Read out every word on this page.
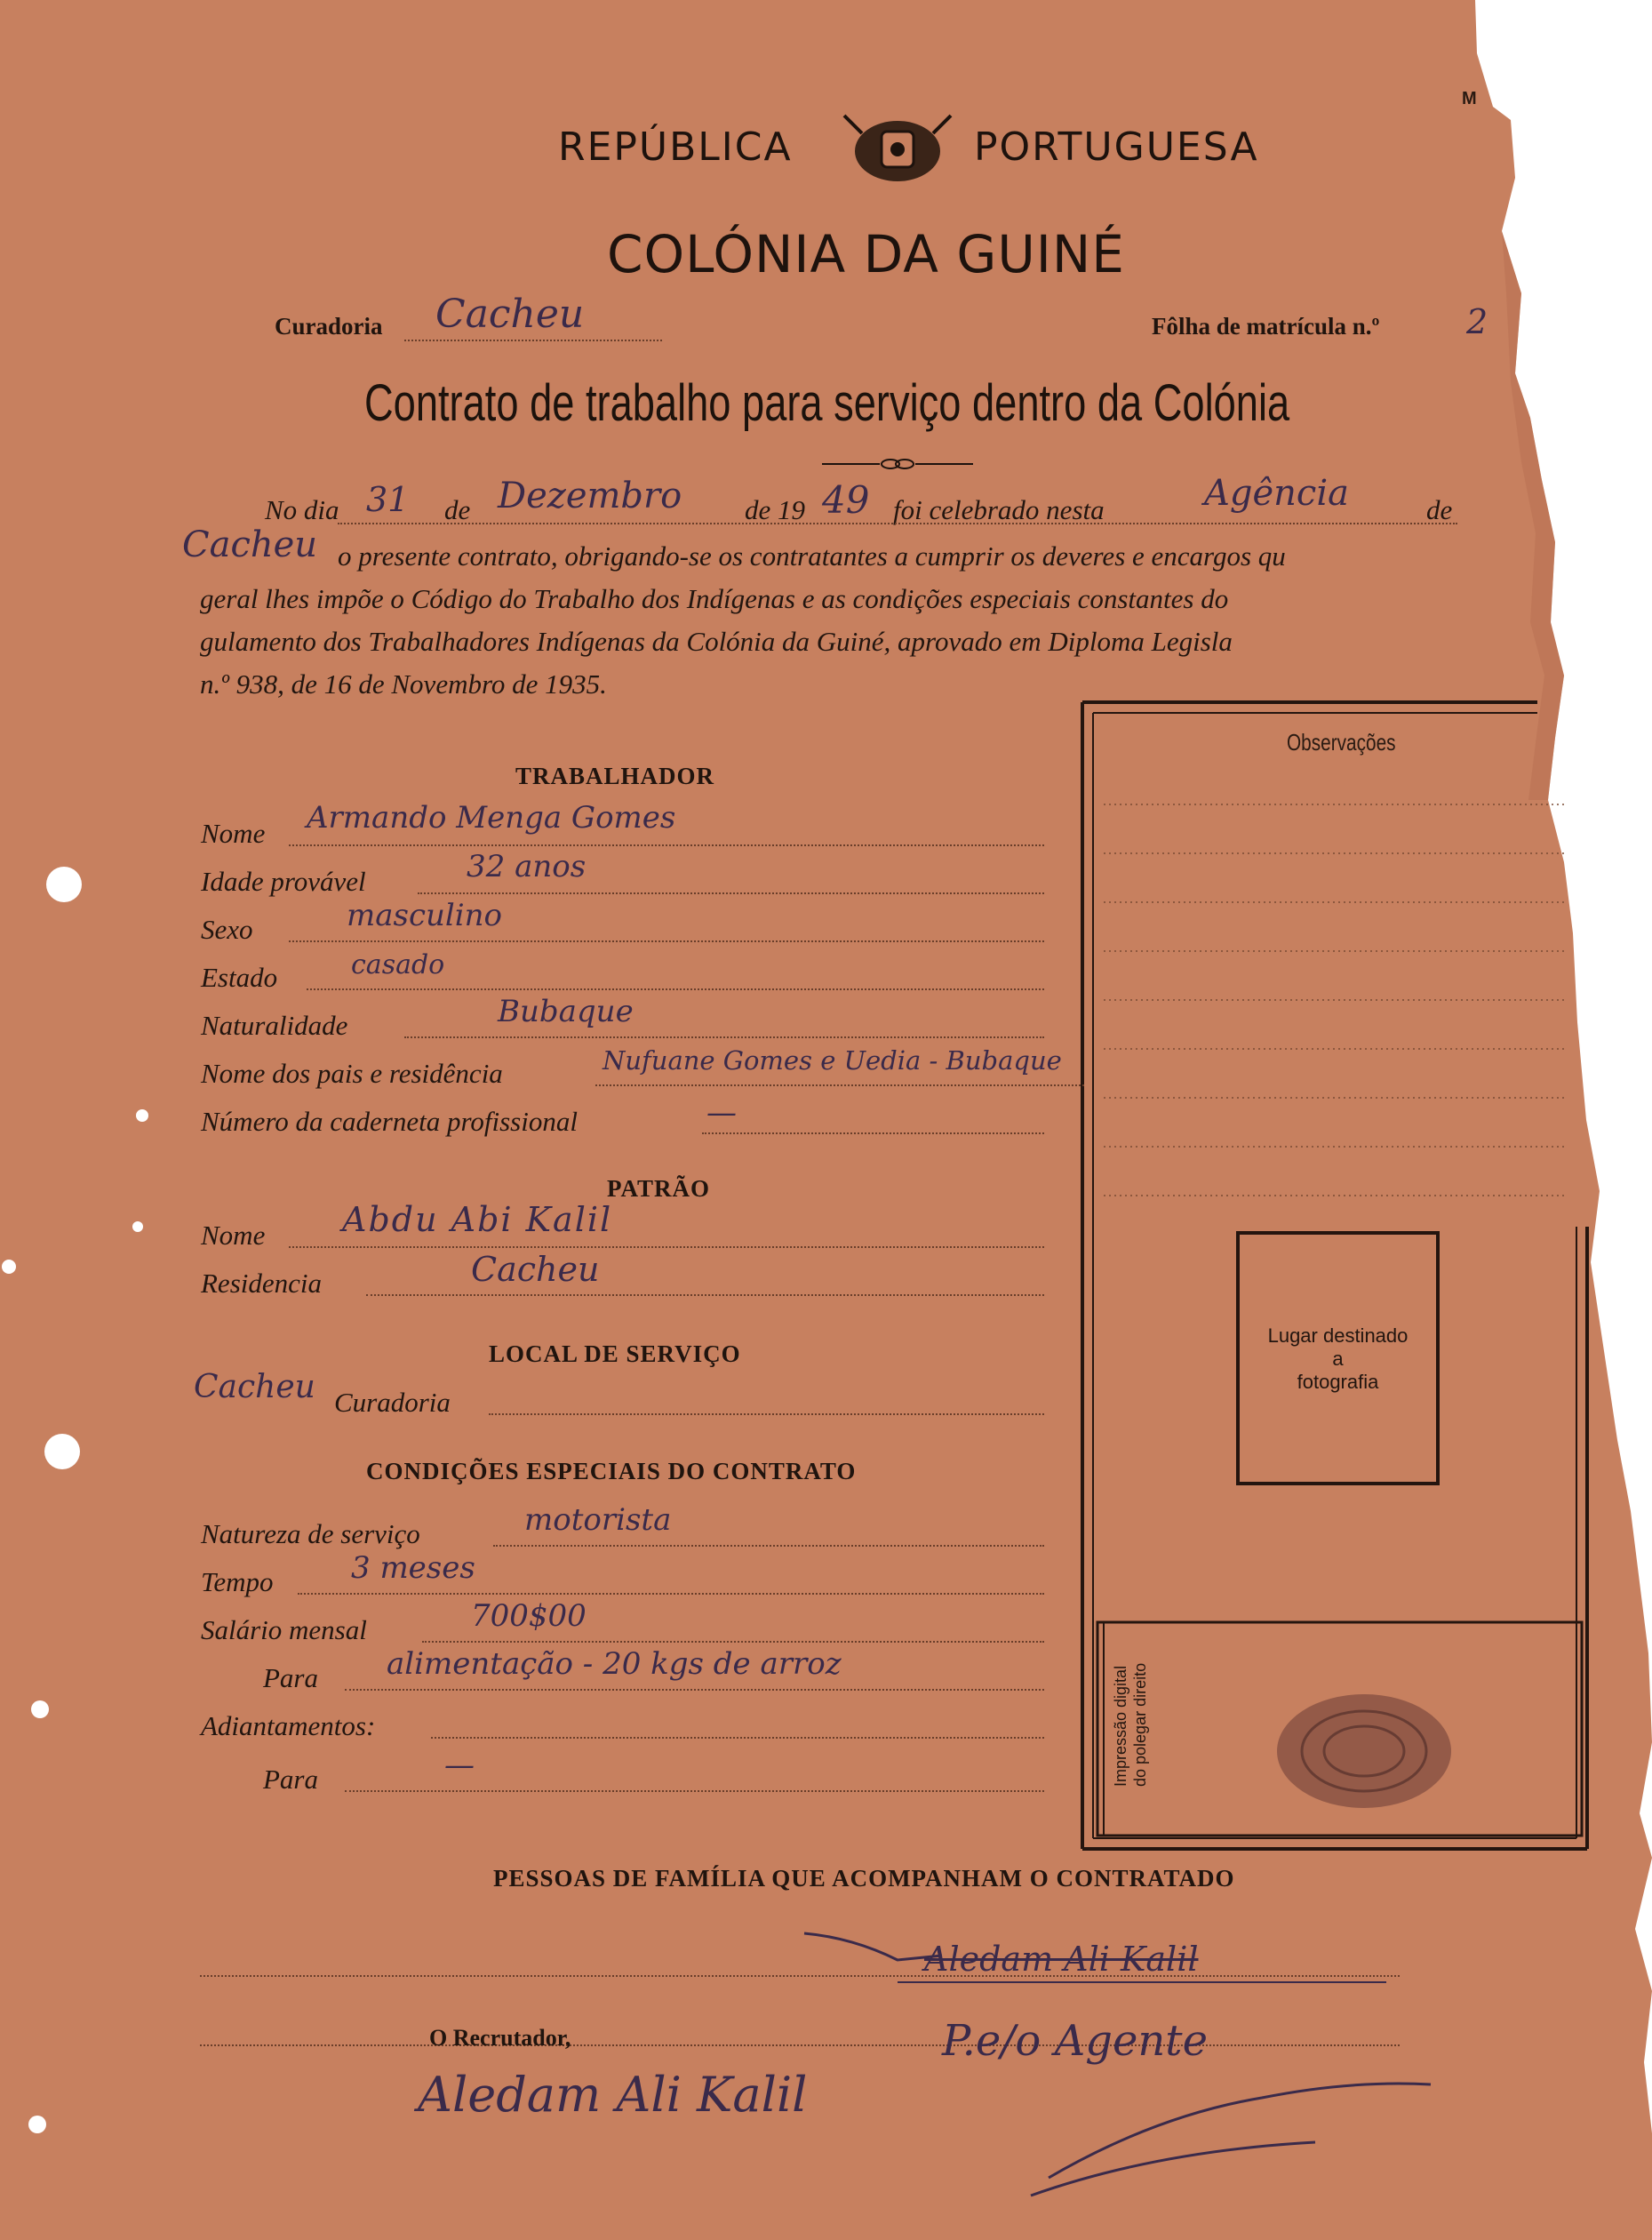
REPÚBLICA	PORTUGUESA
M
COLÓNIA DA GUINÉ
Curadoria Cacheu	Fôlha de matrícula n.º	2
Contrato de trabalho para serviço dentro da Colónia
No dia 31 de Dezembro de 19 49 foi celebrado nesta	Agência	de
Cacheu o presente contrato, obrigando-se os contratantes a cumprir os deveres e encargos qu
geral lhes impõe o Código do Trabalho dos Indígenas e as condições especiais constantes do
gulamento dos Trabalhadores Indígenas da Colónia da Guiné, aprovado em Diploma Legisla
n.º 938, de 16 de Novembro de 1935.
Observações
Lugar destinado
a
fotografia
Impressão digital do polegar direito
TRABALHADOR
Nome Armando Menga Gomes
Idade provável	32 anos
Sexo	masculino
Estado	casado
Naturalidade	Bubaque
Nome dos pais e residência	Nufuane Gomes e Uedia - Bubaque
Número da caderneta profissional	—
PATRÃO
Nome Abdu Abi Kalil
Residencia	Cacheu
LOCAL DE SERVIÇO
Cacheu Curadoria
CONDIÇÕES ESPECIAIS DO CONTRATO
Natureza de serviço	motorista
Tempo	3 meses
Salário mensal	700$00
Para alimentação - 20 kgs de arroz
Adiantamentos:
Para	—
PESSOAS DE FAMÍLIA QUE ACOMPANHAM O CONTRATADO
Aledam Ali Kalil
O Recrutador,
Aledam Ali Kalil
P.e/o Agente
